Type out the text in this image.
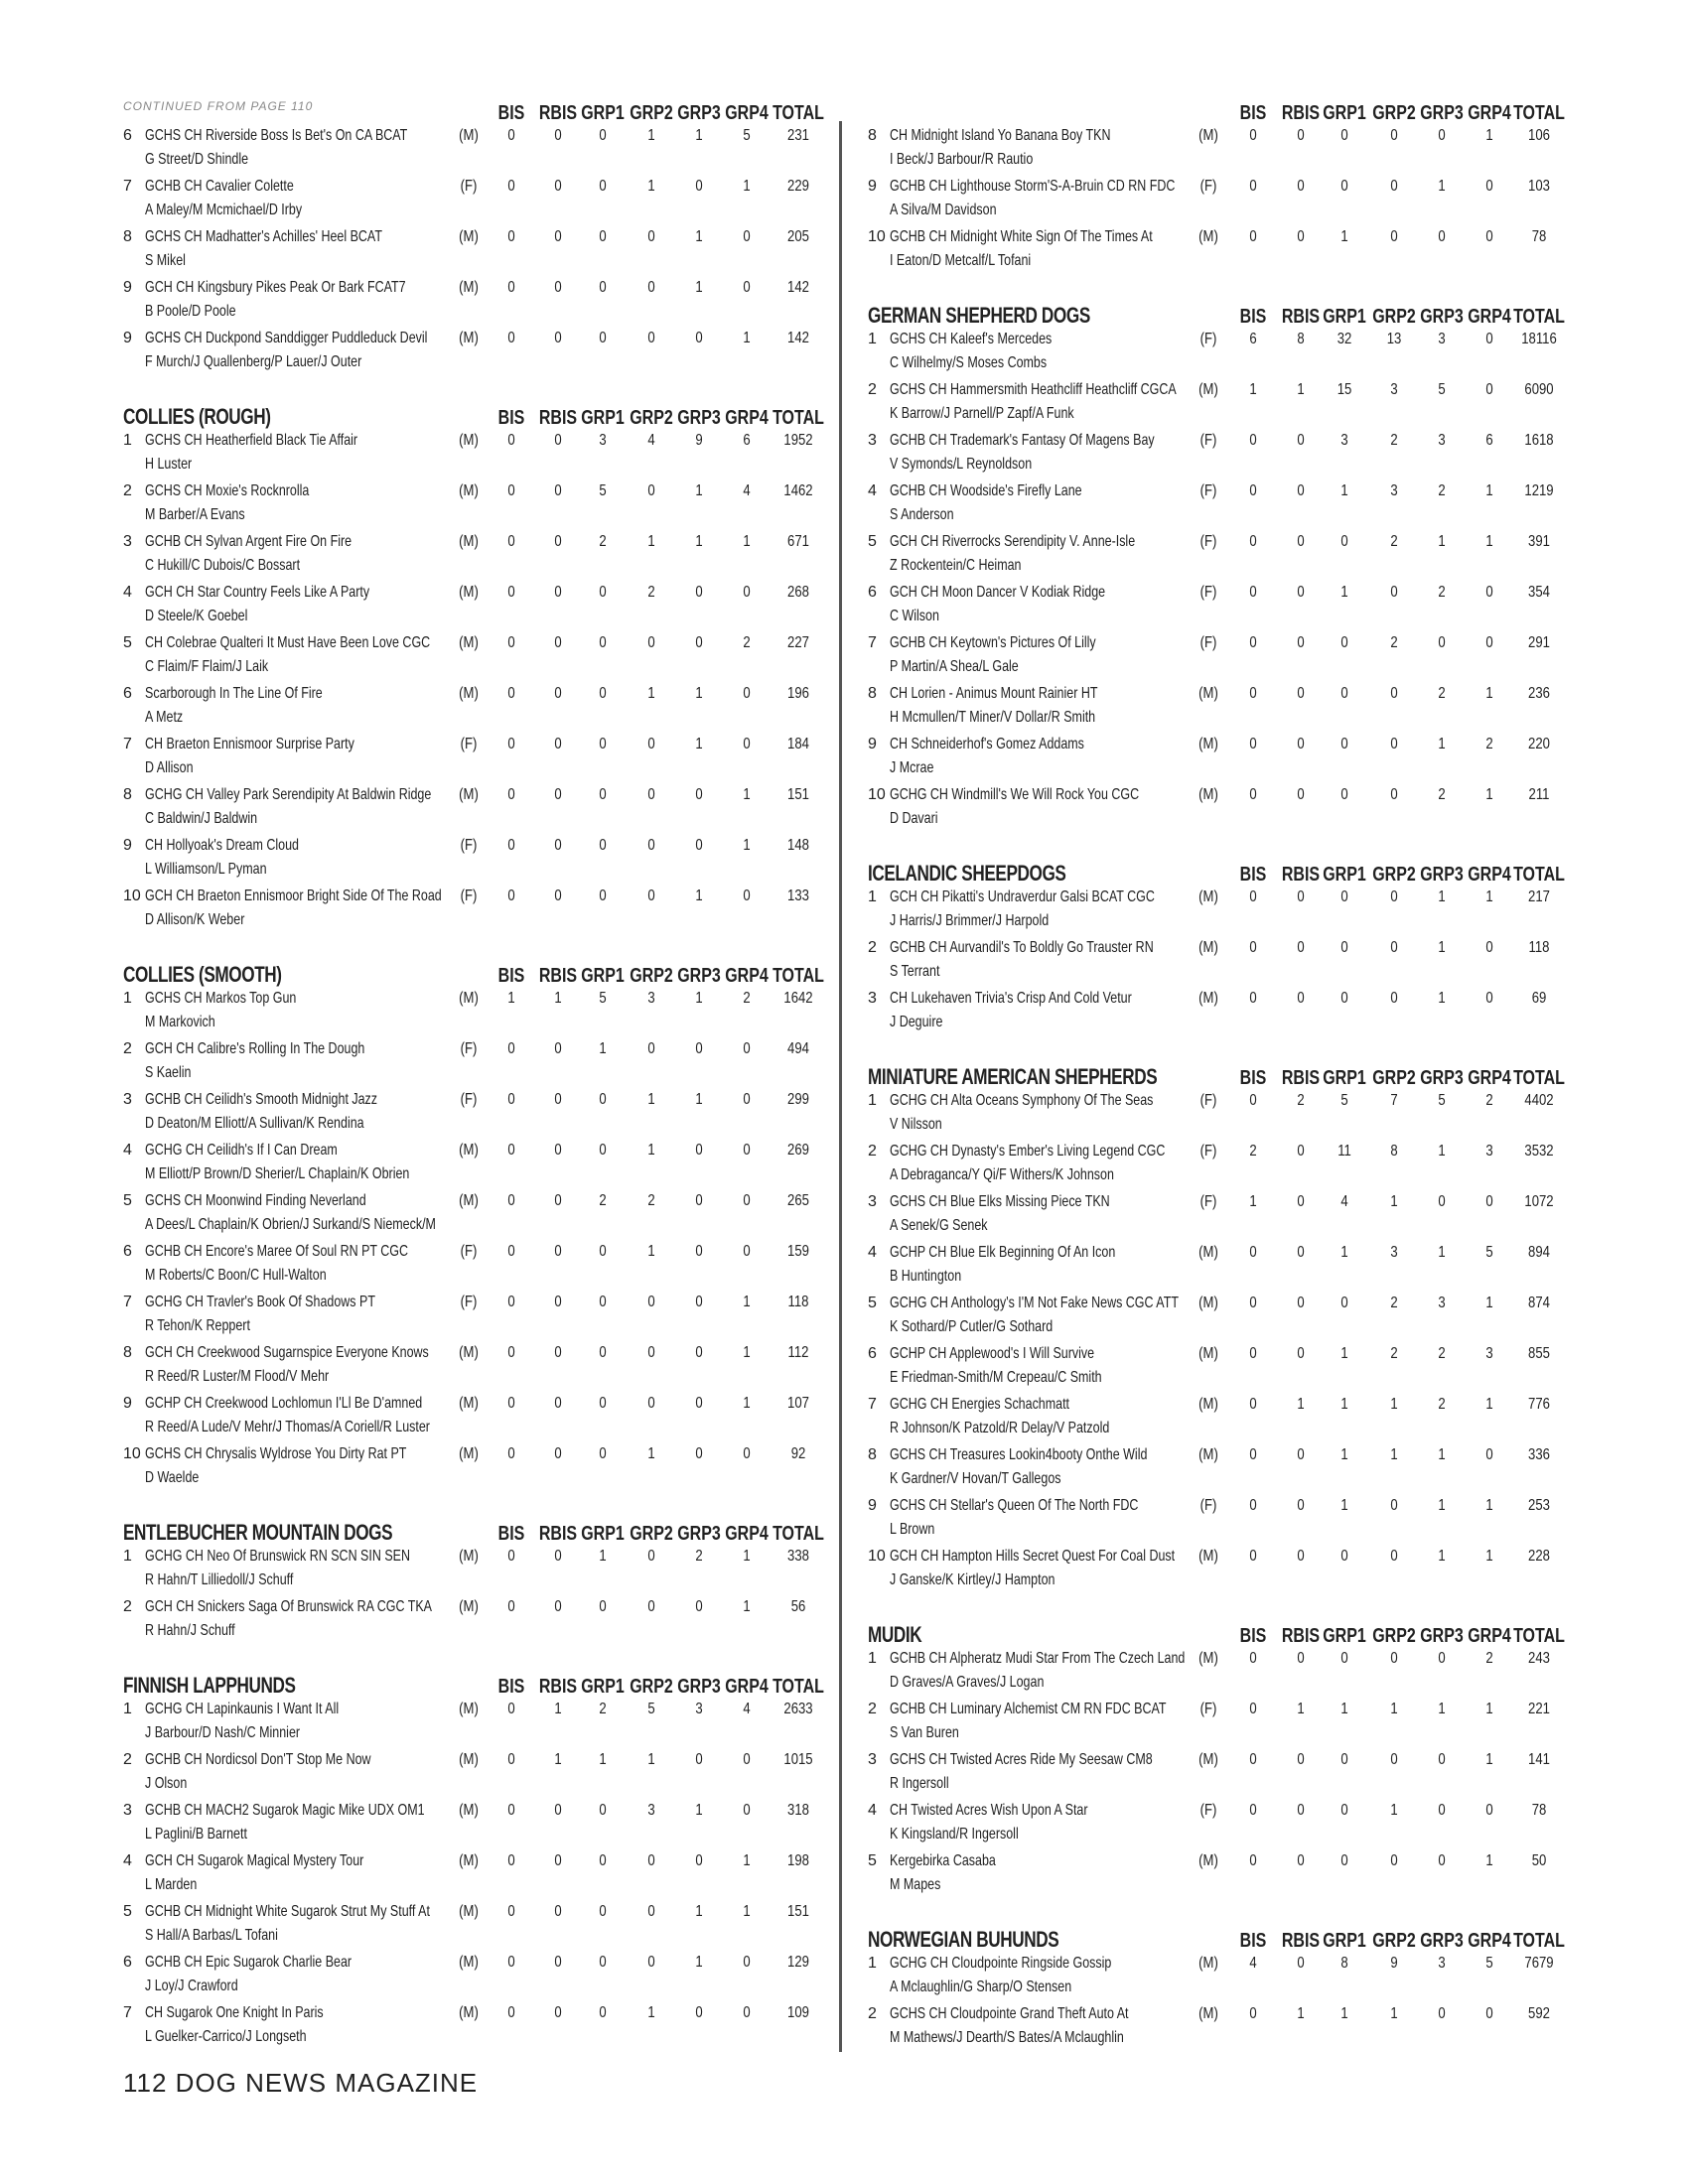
CONTINUED FROM PAGE 110	BIS RBIS GRP1 GRP2 GRP3 GRP4 TOTAL
6 GCHS CH Riverside Boss Is Bet's On CA BCAT
G Street/D Shindle
(M) 0 0 0	1	1	5 231
7 GCHB CH Cavalier Colette
A Maley/M Mcmichael/D Irby
(F) 0 0 0	1	0	1 229
8 GCHS CH Madhatter's Achilles' Heel BCAT
S Mikel
(M) 0 0 0	0	1	0 205
9 GCH CH Kingsbury Pikes Peak Or Bark FCAT7
B Poole/D Poole
(M) 0 0 0	0	1	0 142
9 GCHS CH Duckpond Sanddigger Puddleduck Devil
F Murch/J Quallenberg/P Lauer/J Outer
(M) 0 0 0	0	0	1 142
COLLIES (ROUGH)	BIS RBIS GRP1 GRP2 GRP3 GRP4 TOTAL
1 GCHS CH Heatherfield Black Tie Affair
H Luster
(M) 0 0 3	4	9	6 1952
2 GCHS CH Moxie's Rocknrolla
M Barber/A Evans
(M) 0 0 5	0	1	4 1462
3 GCHB CH Sylvan Argent Fire On Fire
C Hukill/C Dubois/C Bossart
(M) 0 0 2	1	1	1 671
4 GCH CH Star Country Feels Like A Party
D Steele/K Goebel
(M) 0 0 0	2	0	0 268
5 CH Colebrae Qualteri It Must Have Been Love CGC
C Flaim/F Flaim/J Laik
(M) 0 0 0	0	0	2 227
6 Scarborough In The Line Of Fire
A Metz
(M) 0 0 0	1	1	0 196
7 CH Braeton Ennismoor Surprise Party
D Allison
(F) 0 0 0	0	1	0 184
8 GCHG CH Valley Park Serendipity At Baldwin Ridge
C Baldwin/J Baldwin
(M) 0 0 0	0	0	1 151
9 CH Hollyoak's Dream Cloud
L Williamson/L Pyman
(F) 0 0 0	0	0	1 148
10 GCH CH Braeton Ennismoor Bright Side Of The Road
D Allison/K Weber
(F) 0 0 0	0	1	0 133
COLLIES (SMOOTH)	BIS RBIS GRP1 GRP2 GRP3 GRP4 TOTAL
1 GCHS CH Markos Top Gun
M Markovich
(M) 1 1 5	3	1	2 1642
2 GCH CH Calibre's Rolling In The Dough
S Kaelin
(F) 0 0 1	0	0	0 494
3 GCHB CH Ceilidh's Smooth Midnight Jazz
D Deaton/M Elliott/A Sullivan/K Rendina
(F) 0 0 0	1	1	0 299
4 GCHG CH Ceilidh's If I Can Dream
M Elliott/P Brown/D Sherier/L Chaplain/K Obrien
(M) 0 0 0	1	0	0 269
5 GCHS CH Moonwind Finding Neverland
A Dees/L Chaplain/K Obrien/J Surkand/S Niemeck/M
(M) 0 0 2	2	0	0 265
6 GCHB CH Encore's Maree Of Soul RN PT CGC
M Roberts/C Boon/C Hull-Walton
(F) 0 0 0	1	0	0 159
7 GCHG CH Travler's Book Of Shadows PT
R Tehon/K Reppert
(F) 0 0 0	0	0	1 118
8 GCH CH Creekwood Sugarnspice Everyone Knows
R Reed/R Luster/M Flood/V Mehr
(M) 0 0 0	0	0	1 112
9 GCHP CH Creekwood Lochlomun I'Ll Be D'amned
R Reed/A Lude/V Mehr/J Thomas/A Coriell/R Luster
(M) 0 0 0	0	0	1 107
10 GCHS CH Chrysalis Wyldrose You Dirty Rat PT
D Waelde
(M) 0 0 0	1	0	0	92
ENTLEBUCHER MOUNTAIN DOGS	BIS RBIS GRP1 GRP2 GRP3 GRP4 TOTAL
1 GCHG CH Neo Of Brunswick RN SCN SIN SEN
R Hahn/T Lilliedoll/J Schuff
(M) 0 0 1	0	2	1 338
2 GCH CH Snickers Saga Of Brunswick RA CGC TKA
R Hahn/J Schuff
(M) 0 0 0	0	0	1	56
FINNISH LAPPHUNDS	BIS RBIS GRP1 GRP2 GRP3 GRP4 TOTAL
1 GCHG CH Lapinkaunis I Want It All
J Barbour/D Nash/C Minnier
(M) 0 1 2	5	3	4 2633
2 GCHB CH Nordicsol Don'T Stop Me Now
J Olson
(M) 0 1 1	1	0	0 1015
3 GCHB CH MACH2 Sugarok Magic Mike UDX OM1
L Paglini/B Barnett
(M) 0 0 0	3	1	0 318
4 GCH CH Sugarok Magical Mystery Tour
L Marden
(M) 0 0 0	0	0	1 198
5 GCHB CH Midnight White Sugarok Strut My Stuff At
S Hall/A Barbas/L Tofani
(M) 0 0 0	0	1	1 151
6 GCHB CH Epic Sugarok Charlie Bear
J Loy/J Crawford
(M) 0 0 0	0	1	0 129
7 CH Sugarok One Knight In Paris
L Guelker-Carrico/J Longseth
(M) 0 0 0	1	0	0 109
BIS RBIS GRP1 GRP2 GRP3 GRP4 TOTAL
8 CH Midnight Island Yo Banana Boy TKN
I Beck/J Barbour/R Rautio
(M) 0	0 0	0	0	1 106
9 GCHB CH Lighthouse Storm'S-A-Bruin CD RN FDC
A Silva/M Davidson
(F) 0	0 0	0	1	0 103
10 GCHB CH Midnight White Sign Of The Times At
I Eaton/D Metcalf/L Tofani
(M) 0	0 1	0	0	0 78
GERMAN SHEPHERD DOGS	BIS RBIS GRP1 GRP2 GRP3 GRP4 TOTAL
1 GCHS CH Kaleef's Mercedes
C Wilhelmy/S Moses Combs
(F) 6	8 32 13 3	0 18116
2 GCHS CH Hammersmith Heathcliff Heathcliff CGCA
K Barrow/J Parnell/P Zapf/A Funk
(M) 1	1 15 3	5	0 6090
3 GCHB CH Trademark's Fantasy Of Magens Bay
V Symonds/L Reynoldson
(F) 0	0 3	2	3	6 1618
4 GCHB CH Woodside's Firefly Lane
S Anderson
(F) 0	0 1	3	2	1 1219
5 GCH CH Riverrocks Serendipity V. Anne-Isle
Z Rockentein/C Heiman
(F) 0	0 0	2	1	1 391
6 GCH CH Moon Dancer V Kodiak Ridge
C Wilson
(F) 0	0 1	0	2	0 354
7 GCHB CH Keytown's Pictures Of Lilly
P Martin/A Shea/L Gale
(F) 0	0 0	2	0	0 291
8 CH Lorien - Animus Mount Rainier HT
H Mcmullen/T Miner/V Dollar/R Smith
(M) 0	0 0	0	2	1 236
9 CH Schneiderhof's Gomez Addams
J Mcrae
(M) 0	0 0	0	1	2 220
10 GCHG CH Windmill's We Will Rock You CGC
D Davari
(M) 0	0 0	0	2	1 211
ICELANDIC SHEEPDOGS	BIS RBIS GRP1 GRP2 GRP3 GRP4 TOTAL
1 GCH CH Pikatti's Undraverdur Galsi BCAT CGC
J Harris/J Brimmer/J Harpold
(M) 0	0 0	0	1	1 217
2 GCHB CH Aurvandil's To Boldly Go Trauster RN
S Terrant
(M) 0	0 0	0	1	0 118
3 CH Lukehaven Trivia's Crisp And Cold Vetur
J Deguire
(M) 0	0 0	0	1	0 69
MINIATURE AMERICAN SHEPHERDS	BIS RBIS GRP1 GRP2 GRP3 GRP4 TOTAL
1 GCHG CH Alta Oceans Symphony Of The Seas
V Nilsson
(F) 0	2 5	7	5	2 4402
2 GCHG CH Dynasty's Ember's Living Legend CGC
A Debraganca/Y Qi/F Withers/K Johnson
(F) 2	0 11 8	1	3 3532
3 GCHS CH Blue Elks Missing Piece TKN
A Senek/G Senek
(F) 1	0 4	1	0	0 1072
4 GCHP CH Blue Elk Beginning Of An Icon
B Huntington
(M) 0	0 1	3	1	5 894
5 GCHG CH Anthology's I'M Not Fake News CGC ATT
K Sothard/P Cutler/G Sothard
(M) 0	0 0	2	3	1 874
6 GCHP CH Applewood's I Will Survive
E Friedman-Smith/M Crepeau/C Smith
(M) 0	0 1	2	2	3 855
7 GCHG CH Energies Schachmatt
R Johnson/K Patzold/R Delay/V Patzold
(M) 0	1 1	1	2	1 776
8 GCHS CH Treasures Lookin4booty Onthe Wild
K Gardner/V Hovan/T Gallegos
(M) 0	0 1	1	1	0 336
9 GCHS CH Stellar's Queen Of The North FDC
L Brown
(F) 0	0 1	0	1	1 253
10 GCH CH Hampton Hills Secret Quest For Coal Dust
J Ganske/K Kirtley/J Hampton
(M) 0	0 0	0	1	1 228
MUDIK	BIS RBIS GRP1 GRP2 GRP3 GRP4 TOTAL
1 GCHB CH Alpheratz Mudi Star From The Czech Land
D Graves/A Graves/J Logan
(M) 0	0 0	0	0	2 243
2 GCHB CH Luminary Alchemist CM RN FDC BCAT
S Van Buren
(F) 0	1 1	1	1	1 221
3 GCHS CH Twisted Acres Ride My Seesaw CM8
R Ingersoll
(M) 0	0 0	0	0	1 141
4 CH Twisted Acres Wish Upon A Star
K Kingsland/R Ingersoll
(F) 0	0 0	1	0	0 78
5 Kergebirka Casaba
M Mapes
(M) 0	0 0	0	0	1 50
NORWEGIAN BUHUNDS	BIS RBIS GRP1 GRP2 GRP3 GRP4 TOTAL
1 GCHG CH Cloudpointe Ringside Gossip
A Mclaughlin/G Sharp/O Stensen
(M) 4	0 8	9	3	5 7679
2 GCHS CH Cloudpointe Grand Theft Auto At
M Mathews/J Dearth/S Bates/A Mclaughlin
(M) 0	1 1	1	0	0 592
112 DOG NEWS MAGAZINE
